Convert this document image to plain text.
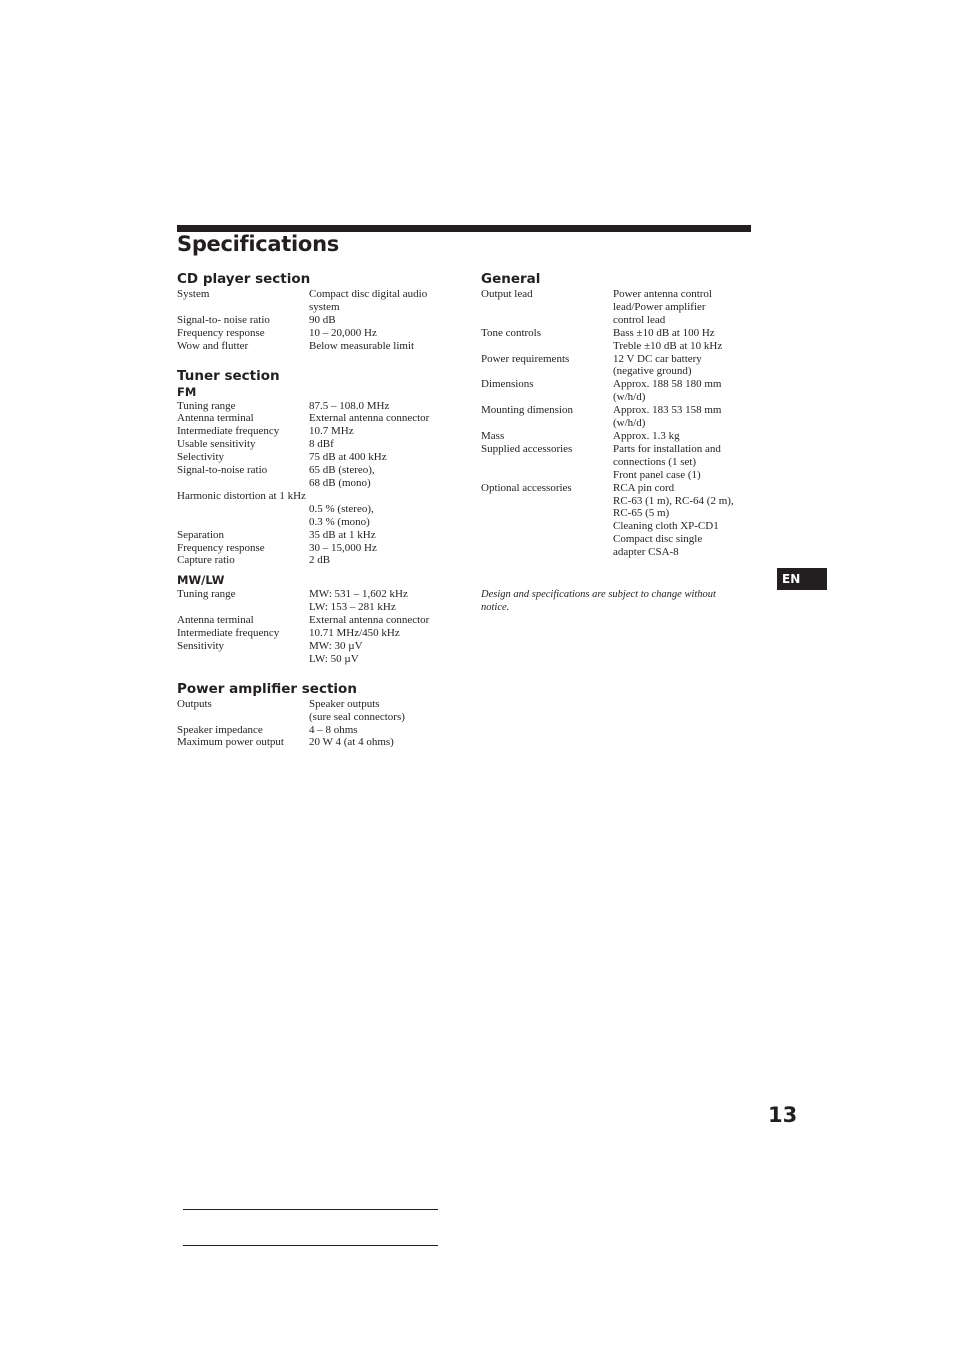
Specifications
CD player section
System	Compact disc digital audio
system
Signal-to- noise ratio	90 dB
Frequency response	10 – 20,000 Hz
Wow and flutter	Below measurable limit
Tuner section
FM
Tuning range	87.5 – 108.0 MHz
Antenna terminal	External antenna connector
Intermediate frequency	10.7 MHz
Usable sensitivity	8 dBf
Selectivity	75 dB at 400 kHz
Signal-to-noise ratio	65 dB (stereo),
68 dB (mono)
Harmonic distortion at 1 kHz
0.5 % (stereo),
0.3 % (mono)
Separation	35 dB at 1 kHz
Frequency response	30 – 15,000 Hz
Capture ratio	2 dB
MW/LW
Tuning range	MW: 531 – 1,602 kHz
LW: 153 – 281 kHz
Antenna terminal	External antenna connector
Intermediate frequency	10.71 MHz/450 kHz
Sensitivity	MW: 30 µV
LW: 50 µV
Power amplifier section
Outputs	Speaker outputs
(sure seal connectors)
Speaker impedance	4 – 8 ohms
Maximum power output	20 W 4 (at 4 ohms)
General
Output lead	Power antenna control
lead/Power amplifier
control lead
Tone controls	Bass ±10 dB at 100 Hz
Treble ±10 dB at 10 kHz
Power requirements	12 V DC car battery
(negative ground)
Dimensions	Approx. 188 58 180 mm
(w/h/d)
Mounting dimension	Approx. 183 53 158 mm
(w/h/d)
Mass	Approx. 1.3 kg
Supplied accessories	Parts for installation and
connections (1 set)
Front panel case (1)
Optional accessories	RCA pin cord
RC-63 (1 m), RC-64 (2 m),
RC-65 (5 m)
Cleaning cloth XP-CD1
Compact disc single
adapter CSA-8
Design and specifications are subject to change without notice.
EN
13
